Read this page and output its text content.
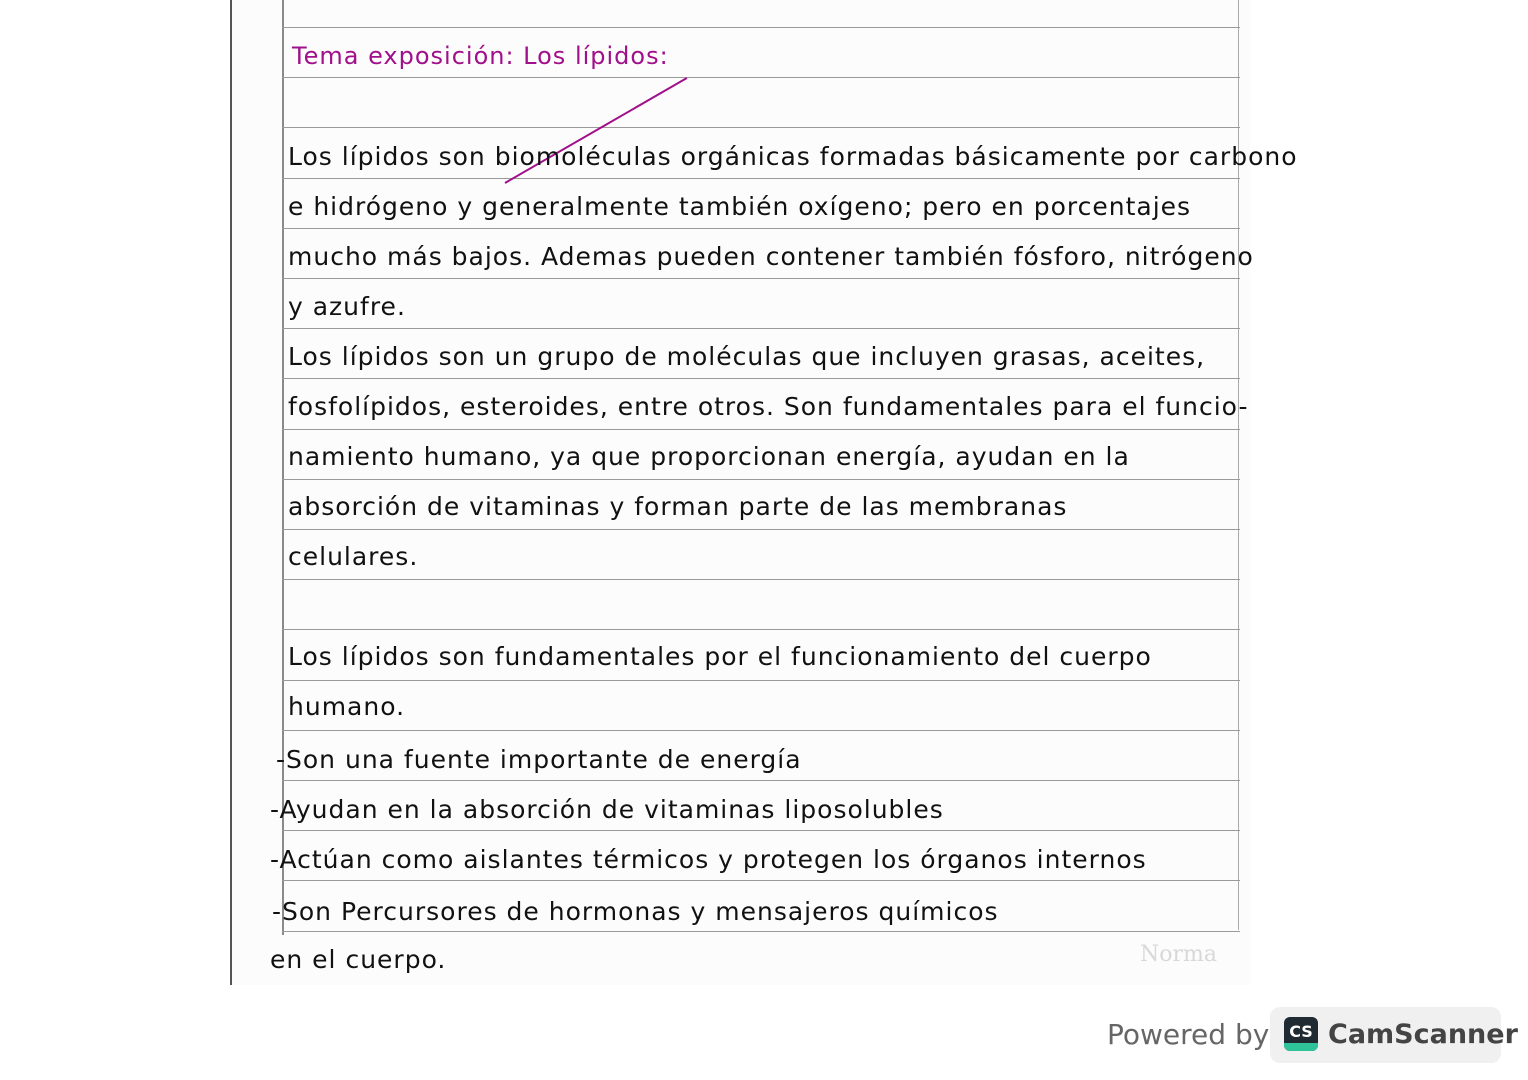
Tema exposición: Los lípidos:
Los lípidos son biomoléculas orgánicas formadas básicamente por carbono
e hidrógeno y generalmente también oxígeno; pero en porcentajes
mucho más bajos. Ademas pueden contener también fósforo, nitrógeno
y azufre.
Los lípidos son un grupo de moléculas que incluyen grasas, aceites,
fosfolípidos, esteroides, entre otros. Son fundamentales para el funcio-
namiento humano, ya que proporcionan energía, ayudan en la
absorción de vitaminas y forman parte de las membranas
celulares.
Los lípidos son fundamentales por el funcionamiento del cuerpo
humano.
-Son una fuente importante de energía
-Ayudan en la absorción de vitaminas liposolubles
-Actúan como aislantes térmicos y protegen los órganos internos
-Son Percursores de hormonas y mensajeros químicos
en el cuerpo.	Norma
Powered by	CS CamScanner
